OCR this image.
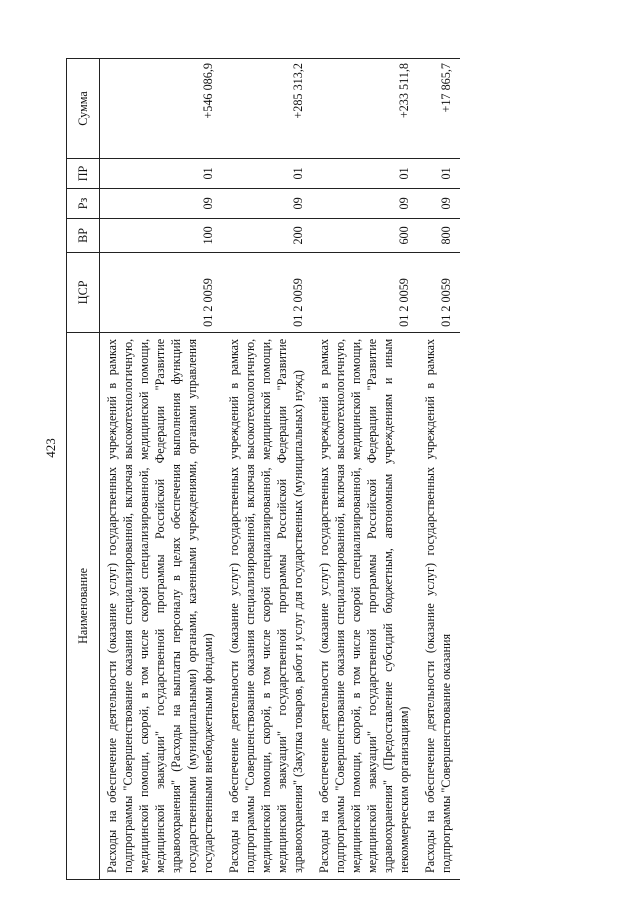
423
Наименование	ЦСР	ВР	Рз	ПР	Сумма
Расходы на обеспечение деятельности (оказание услуг) государственных учреждений в рамках подпрограммы "Совершенствование оказания специализированной, включая высокотехнологичную, медицинской помощи, скорой, в том числе скорой специализированной, медицинской помощи, медицинской эвакуации" государственной программы Российской Федерации "Развитие здравоохранения" (Расходы на выплаты персоналу в целях обеспечения выполнения функций государственными (муниципальными) органами, казенными учреждениями, органами управления государственными внебюджетными фондами)	01 2 0059	100	09	01	+546 086,9
Расходы на обеспечение деятельности (оказание услуг) государственных учреждений в рамках подпрограммы "Совершенствование оказания специализированной, включая высокотехнологичную, медицинской помощи, скорой, в том числе скорой специализированной, медицинской помощи, медицинской эвакуации" государственной программы Российской Федерации "Развитие здравоохранения" (Закупка товаров, работ и услуг для государственных (муниципальных) нужд)	01 2 0059	200	09	01	+285 313,2
Расходы на обеспечение деятельности (оказание услуг) государственных учреждений в рамках подпрограммы "Совершенствование оказания специализированной, включая высокотехнологичную, медицинской помощи, скорой, в том числе скорой специализированной, медицинской помощи, медицинской эвакуации" государственной программы Российской Федерации "Развитие здравоохранения" (Предоставление субсидий бюджетным, автономным учреждениям и иным некоммерческим организациям)	01 2 0059	600	09	01	+233 511,8
Расходы на обеспечение деятельности (оказание услуг) государственных учреждений в рамках подпрограммы "Совершенствование оказания	01 2 0059	800	09	01	+17 865,7
